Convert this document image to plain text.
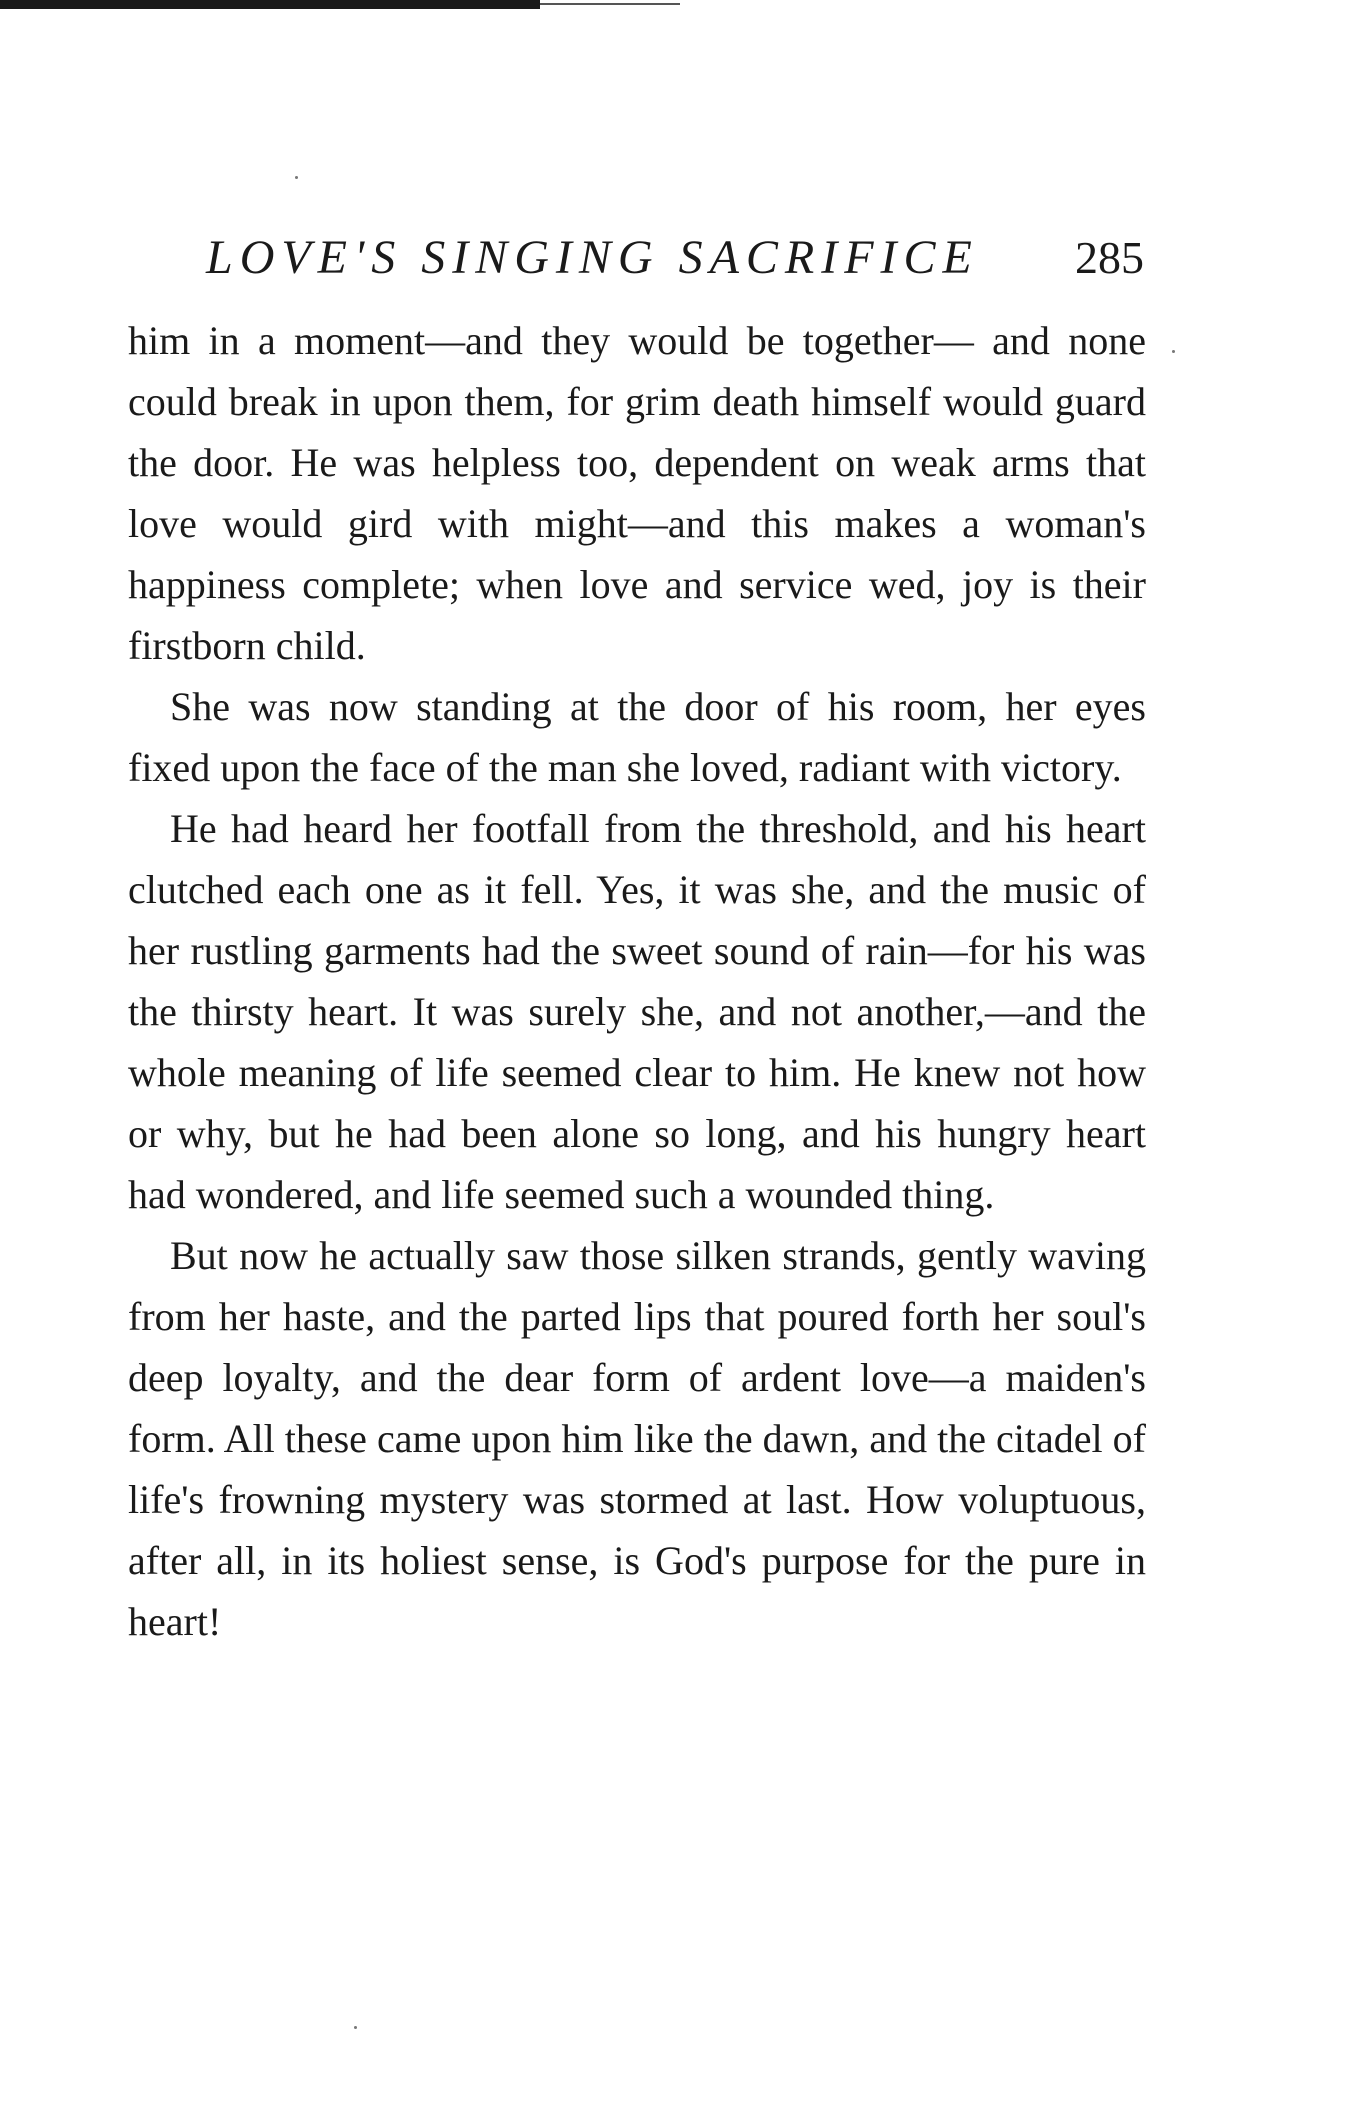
LOVE'S SINGING SACRIFICE 285

him in a moment—and they would be together— and none could break in upon them, for grim death himself would guard the door. He was helpless too, dependent on weak arms that love would gird with might—and this makes a woman's happiness complete; when love and service wed, joy is their firstborn child.

She was now standing at the door of his room, her eyes fixed upon the face of the man she loved, radiant with victory.

He had heard her footfall from the threshold, and his heart clutched each one as it fell. Yes, it was she, and the music of her rustling garments had the sweet sound of rain—for his was the thirsty heart. It was surely she, and not another,—and the whole meaning of life seemed clear to him. He knew not how or why, but he had been alone so long, and his hungry heart had wondered, and life seemed such a wounded thing.

But now he actually saw those silken strands, gently waving from her haste, and the parted lips that poured forth her soul's deep loyalty, and the dear form of ardent love—a maiden's form. All these came upon him like the dawn, and the citadel of life's frowning mystery was stormed at last. How voluptuous, after all, in its holiest sense, is God's purpose for the pure in heart!
